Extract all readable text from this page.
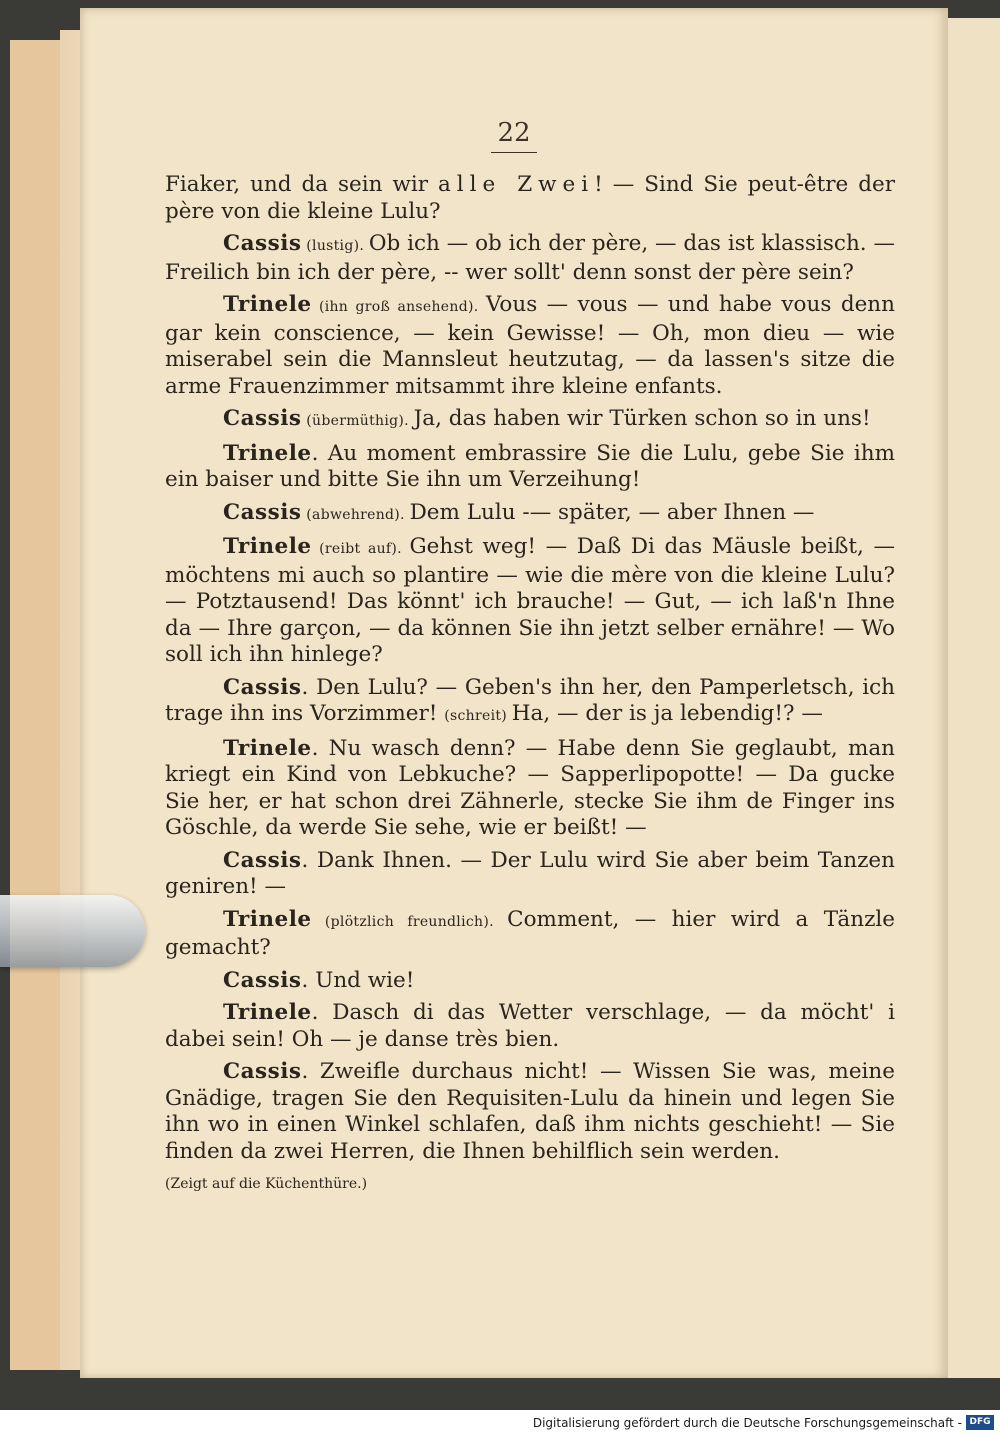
22

Fiaker, und da sein wir alle Zwei! — Sind Sie peut-être der père von die kleine Lulu?

Cassis (lustig). Ob ich — ob ich der père, — das ist klassisch. — Freilich bin ich der père, -- wer sollt' denn sonst der père sein?

Trinele (ihn groß ansehend). Vous — vous — und habe vous denn gar kein conscience, — kein Gewisse! — Oh, mon dieu — wie miserabel sein die Mannsleut heutzutag, — da lassen's sitze die arme Frauenzimmer mitsammt ihre kleine enfants.

Cassis (übermüthig). Ja, das haben wir Türken schon so in uns!

Trinele. Au moment embrassire Sie die Lulu, gebe Sie ihm ein baiser und bitte Sie ihn um Verzeihung!

Cassis (abwehrend). Dem Lulu -— später, — aber Ihnen —

Trinele (reibt auf). Gehst weg! — Daß Di das Mäusle beißt, — möchtens mi auch so plantire — wie die mère von die kleine Lulu? — Potztausend! Das könnt' ich brauche! — Gut, — ich laß'n Ihne da — Ihre garçon, — da können Sie ihn jetzt selber ernähre! — Wo soll ich ihn hinlege?

Cassis. Den Lulu? — Geben's ihn her, den Pamperletsch, ich trage ihn ins Vorzimmer! (schreit) Ha, — der is ja lebendig!? —

Trinele. Nu wasch denn? — Habe denn Sie geglaubt, man kriegt ein Kind von Lebkuche? — Sapperlipopotte! — Da gucke Sie her, er hat schon drei Zähnerle, stecke Sie ihm de Finger ins Göschle, da werde Sie sehe, wie er beißt! —

Cassis. Dank Ihnen. — Der Lulu wird Sie aber beim Tanzen geniren! —

Trinele (plötzlich freundlich). Comment, — hier wird a Tänzle gemacht?

Cassis. Und wie!

Trinele. Dasch di das Wetter verschlage, — da möcht' i dabei sein! Oh — je danse très bien.

Cassis. Zweifle durchaus nicht! — Wissen Sie was, meine Gnädige, tragen Sie den Requisiten-Lulu da hinein und legen Sie ihn wo in einen Winkel schlafen, daß ihm nichts geschieht! — Sie finden da zwei Herren, die Ihnen behilflich sein werden.

(Zeigt auf die Küchenthüre.)
Digitalisierung gefördert durch die Deutsche Forschungsgemeinschaft - DFG
